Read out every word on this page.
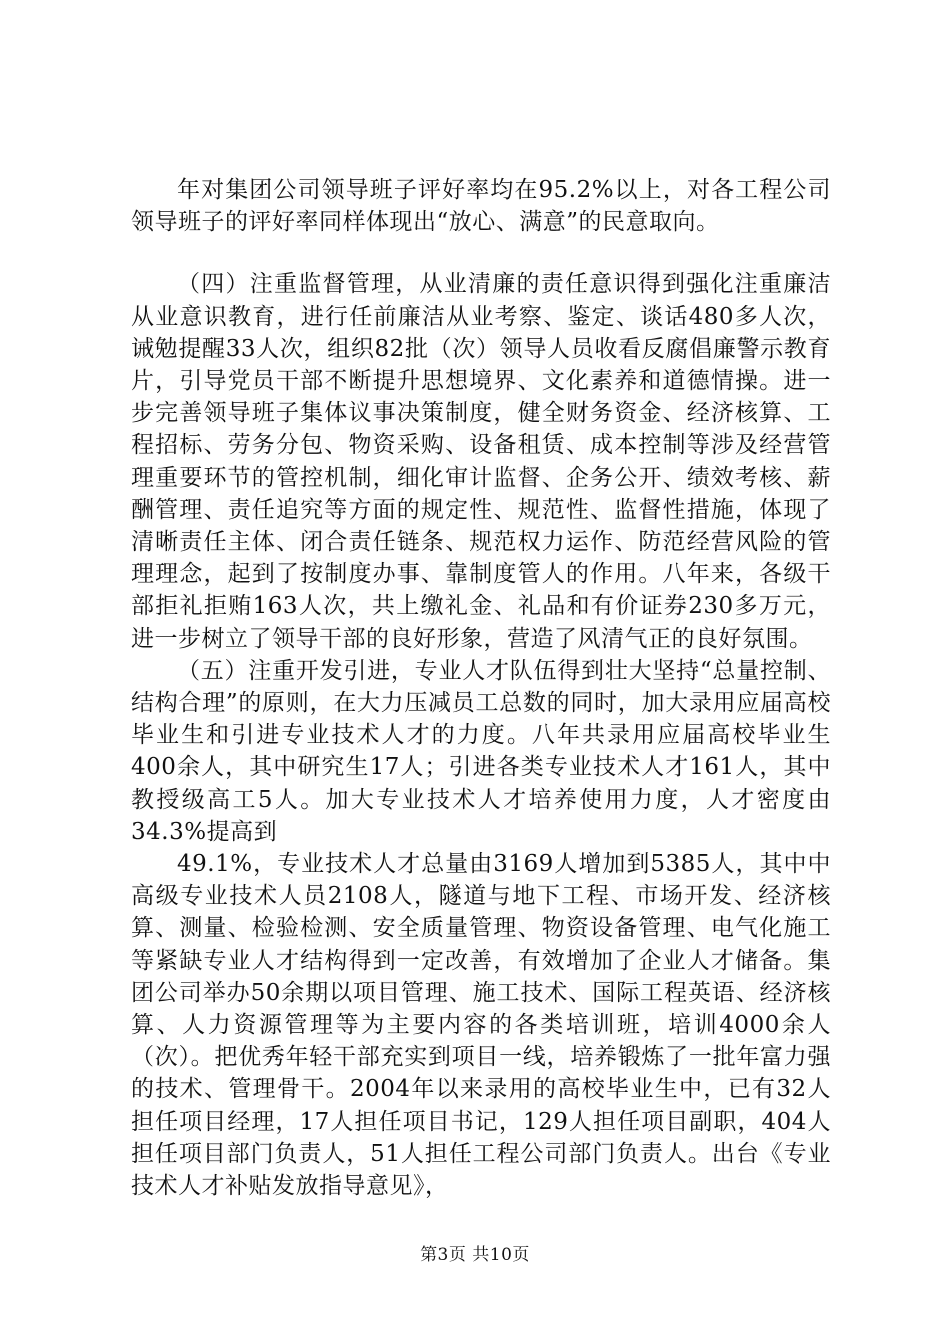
年对集团公司领导班子评好率均在95.2%以上，对各工程公司领导班子的评好率同样体现出“放心、满意”的民意取向。

（四）注重监督管理，从业清廉的责任意识得到强化注重廉洁从业意识教育，进行任前廉洁从业考察、鉴定、谈话480多人次，诫勉提醒33人次，组织82批（次）领导人员收看反腐倡廉警示教育片，引导党员干部不断提升思想境界、文化素养和道德情操。进一步完善领导班子集体议事决策制度，健全财务资金、经济核算、工程招标、劳务分包、物资采购、设备租赁、成本控制等涉及经营管理重要环节的管控机制，细化审计监督、企务公开、绩效考核、薪酬管理、责任追究等方面的规定性、规范性、监督性措施，体现了清晰责任主体、闭合责任链条、规范权力运作、防范经营风险的管理理念，起到了按制度办事、靠制度管人的作用。八年来，各级干部拒礼拒贿163人次，共上缴礼金、礼品和有价证券230多万元，进一步树立了领导干部的良好形象，营造了风清气正的良好氛围。

（五）注重开发引进，专业人才队伍得到壮大坚持“总量控制、结构合理”的原则，在大力压减员工总数的同时，加大录用应届高校毕业生和引进专业技术人才的力度。八年共录用应届高校毕业生400余人，其中研究生17人；引进各类专业技术人才161人，其中教授级高工5人。加大专业技术人才培养使用力度，人才密度由34.3%提高到

49.1%，专业技术人才总量由3169人增加到5385人，其中中高级专业技术人员2108人，隧道与地下工程、市场开发、经济核算、测量、检验检测、安全质量管理、物资设备管理、电气化施工等紧缺专业人才结构得到一定改善，有效增加了企业人才储备。集团公司举办50余期以项目管理、施工技术、国际工程英语、经济核算、人力资源管理等为主要内容的各类培训班，培训4000余人（次）。把优秀年轻干部充实到项目一线，培养锻炼了一批年富力强的技术、管理骨干。2004年以来录用的高校毕业生中，已有32人担任项目经理，17人担任项目书记，129人担任项目副职，404人担任项目部门负责人，51人担任工程公司部门负责人。出台《专业技术人才补贴发放指导意见》，

第3页 共10页
